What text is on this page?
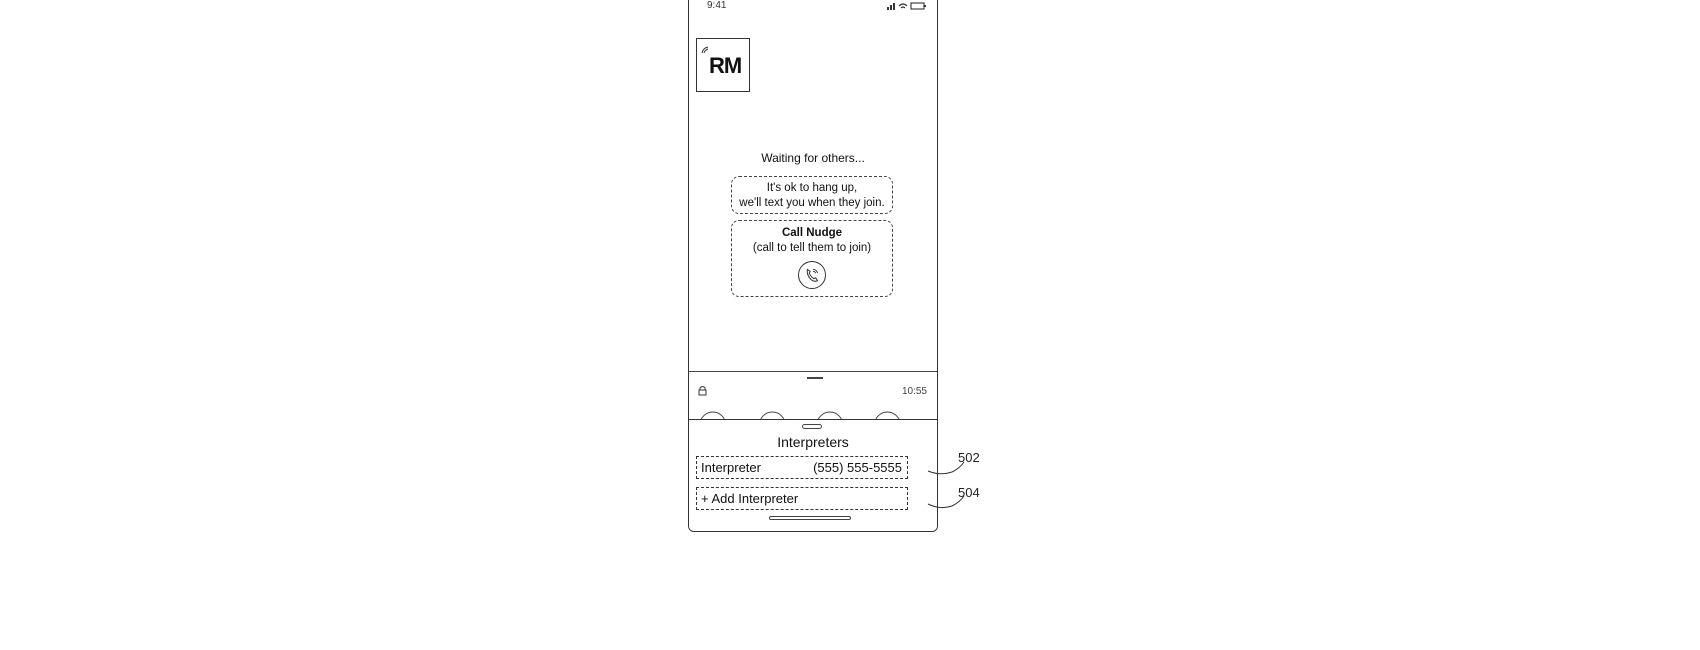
9:41
RM
Waiting for others...
It's ok to hang up,
we'll text you when they join.
Call Nudge
(call to tell them to join)
10:55
Interpreters
Interpreter	(555) 555-5555
+ Add Interpreter
502
504
